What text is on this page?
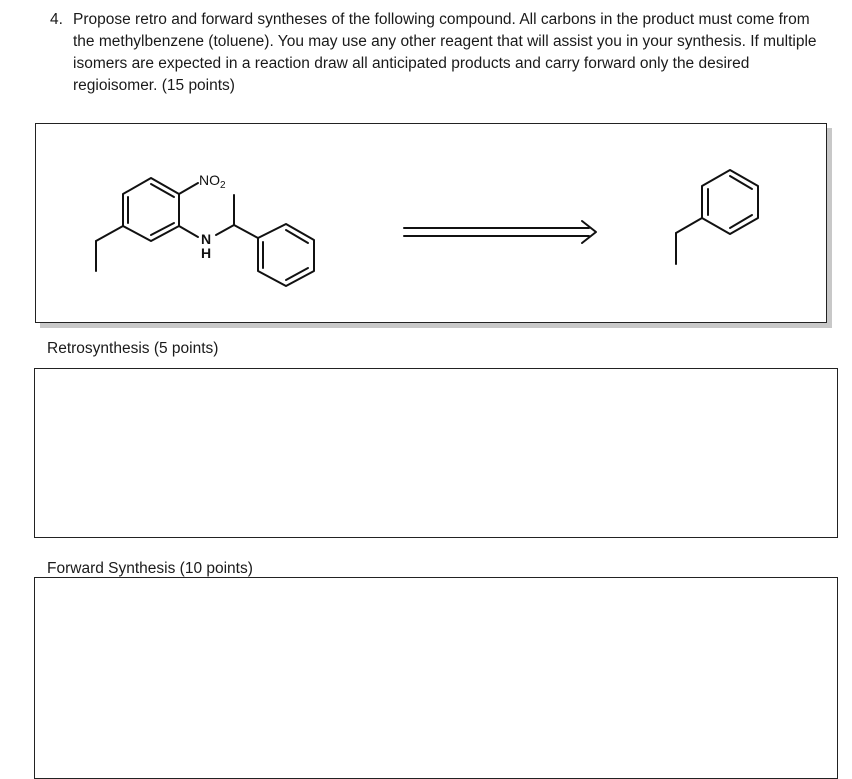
4. Propose retro and forward syntheses of the following compound. All carbons in the product must come from the methylbenzene (toluene). You may use any other reagent that will assist you in your synthesis. If multiple isomers are expected in a reaction draw all anticipated products and carry forward only the desired regioisomer. (15 points)
$NO_2$
N
H
Retrosynthesis (5 points)
Forward Synthesis (10 points)
